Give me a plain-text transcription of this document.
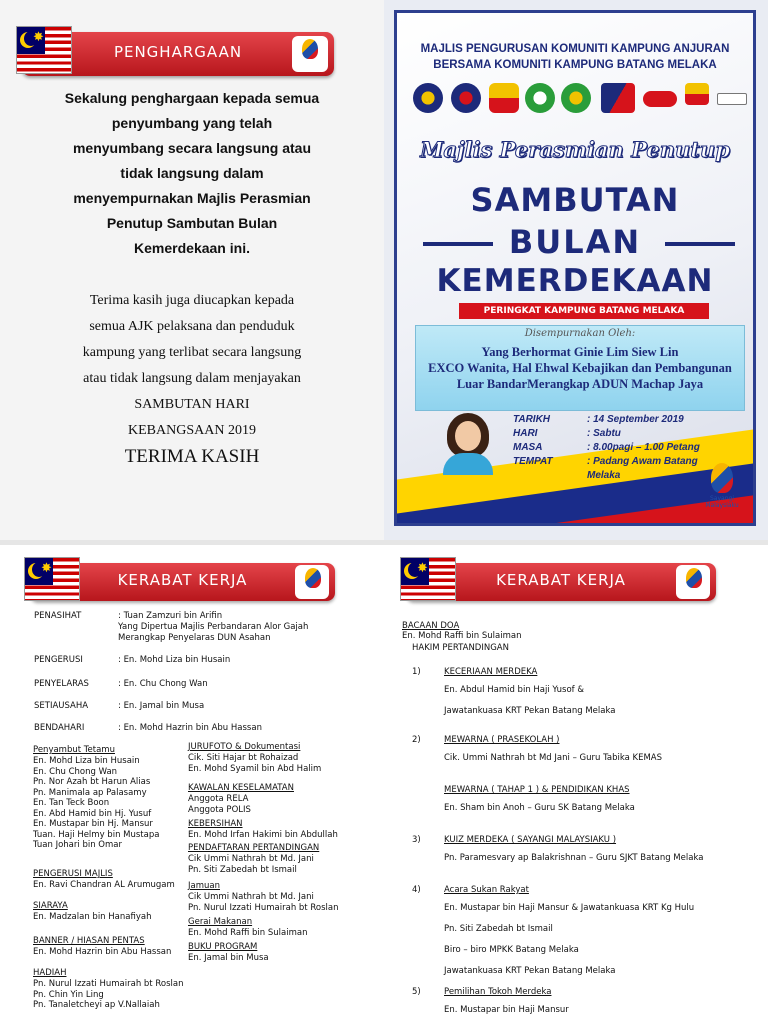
✸
PENGHARGAAN
Sekalung penghargaan kepada semua
penyumbang yang telah
menyumbang secara langsung atau
tidak langsung dalam
menyempurnakan Majlis Perasmian
Penutup Sambutan Bulan
Kemerdekaan ini.
Terima kasih juga diucapkan kepada
semua AJK pelaksana dan penduduk
kampung yang terlibat secara langsung
atau tidak langsung dalam menjayakan
SAMBUTAN HARI
KEBANGSAAN 2019
TERIMA KASIH
MAJLIS PENGURUSAN KOMUNITI KAMPUNG ANJURAN
BERSAMA KOMUNITI KAMPUNG BATANG MELAKA
Majlis Perasmian Penutup
SAMBUTAN
BULAN
KEMERDEKAAN
PERINGKAT KAMPUNG BATANG MELAKA
Disempurnakan Oleh:
Yang Berhormat Ginie Lim Siew Lin
EXCO Wanita, Hal Ehwal Kebajikan dan Pembangunan
Luar BandarMerangkap ADUN Machap Jaya
TARIKH	: 14 September 2019
HARI	: Sabtu
MASA	: 8.00pagi – 1.00 Petang
TEMPAT	: Padang Awam Batang
Melaka
Sayangi Malaysiaku
✸
KERABAT KERJA
PENASIHAT	: Tuan Zamzuri bin Arifin
Yang Dipertua Majlis Perbandaran Alor Gajah
Merangkap Penyelaras DUN Asahan
PENGERUSI	: En. Mohd Liza bin Husain
PENYELARAS	: En. Chu Chong Wan
SETIAUSAHA	: En. Jamal bin Musa
BENDAHARI	: En. Mohd Hazrin bin Abu Hassan
Penyambut Tetamu
En. Mohd Liza bin Husain
En. Chu Chong Wan
Pn. Nor Azah bt Harun Alias
Pn. Manimala ap Palasamy
En. Tan Teck Boon
En. Abd Hamid bin Hj. Yusuf
En. Mustapar bin Hj. Mansur
Tuan. Haji Helmy bin Mustapa
Tuan Johari bin Omar
PENGERUSI MAJLIS
En. Ravi Chandran AL Arumugam
SIARAYA
En. Madzalan bin Hanafiyah
BANNER / HIASAN PENTAS
En. Mohd Hazrin bin Abu Hassan
HADIAH
Pn. Nurul Izzati Humairah bt Roslan
Pn. Chin Yin Ling
Pn. Tanaletcheyi ap V.Nallaiah
JURUFOTO & Dokumentasi
Cik. Siti Hajar bt Rohaizad
En. Mohd Syamil bin Abd Halim
KAWALAN KESELAMATAN
Anggota RELA
Anggota POLIS
KEBERSIHAN
En. Mohd Irfan Hakimi bin Abdullah
PENDAFTARAN PERTANDINGAN
Cik Ummi Nathrah bt Md. Jani
Pn. Siti Zabedah bt Ismail
Jamuan
Cik Ummi Nathrah bt Md. Jani
Pn. Nurul Izzati Humairah bt Roslan
Gerai Makanan
En. Mohd Raffi bin Sulaiman
BUKU PROGRAM
En. Jamal bin Musa
✸
KERABAT KERJA
BACAAN DOA
En. Mohd Raffi bin Sulaiman
HAKIM PERTANDINGAN
1)	KECERIAAN MERDEKA
En. Abdul Hamid bin Haji Yusof &
Jawatankuasa KRT Pekan Batang Melaka
2)	MEWARNA ( PRASEKOLAH )
Cik. Ummi Nathrah bt Md Jani – Guru Tabika KEMAS
MEWARNA ( TAHAP 1 ) & PENDIDIKAN KHAS
En. Sham bin Anoh – Guru SK Batang Melaka
3)	KUIZ MERDEKA ( SAYANGI MALAYSIAKU )
Pn. Paramesvary ap Balakrishnan – Guru SJKT Batang Melaka
4)	Acara Sukan Rakyat
En. Mustapar bin Haji Mansur & Jawatankuasa KRT Kg Hulu
Pn. Siti Zabedah bt Ismail
Biro – biro MPKK Batang Melaka
Jawatankuasa KRT Pekan Batang Melaka
5)	Pemilihan Tokoh Merdeka
En. Mustapar bin Haji Mansur
